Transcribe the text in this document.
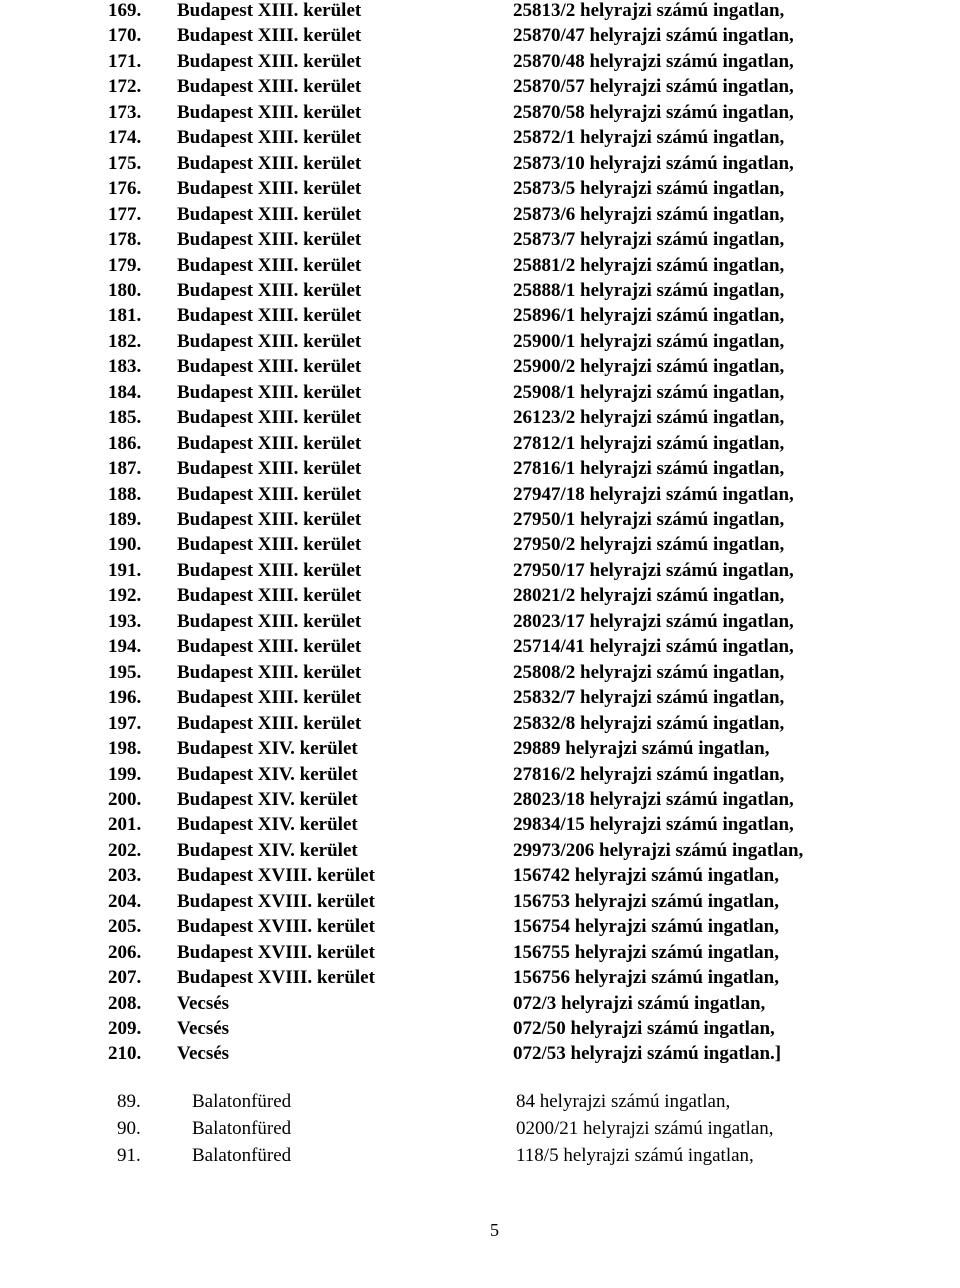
169. Budapest XIII. kerület	25813/2 helyrajzi számú ingatlan,
170. Budapest XIII. kerület	25870/47 helyrajzi számú ingatlan,
171. Budapest XIII. kerület	25870/48 helyrajzi számú ingatlan,
172. Budapest XIII. kerület	25870/57 helyrajzi számú ingatlan,
173. Budapest XIII. kerület	25870/58 helyrajzi számú ingatlan,
174. Budapest XIII. kerület	25872/1 helyrajzi számú ingatlan,
175. Budapest XIII. kerület	25873/10 helyrajzi számú ingatlan,
176. Budapest XIII. kerület	25873/5 helyrajzi számú ingatlan,
177. Budapest XIII. kerület	25873/6 helyrajzi számú ingatlan,
178. Budapest XIII. kerület	25873/7 helyrajzi számú ingatlan,
179. Budapest XIII. kerület	25881/2 helyrajzi számú ingatlan,
180. Budapest XIII. kerület	25888/1 helyrajzi számú ingatlan,
181. Budapest XIII. kerület	25896/1 helyrajzi számú ingatlan,
182. Budapest XIII. kerület	25900/1 helyrajzi számú ingatlan,
183. Budapest XIII. kerület	25900/2 helyrajzi számú ingatlan,
184. Budapest XIII. kerület	25908/1 helyrajzi számú ingatlan,
185. Budapest XIII. kerület	26123/2 helyrajzi számú ingatlan,
186. Budapest XIII. kerület	27812/1 helyrajzi számú ingatlan,
187. Budapest XIII. kerület	27816/1 helyrajzi számú ingatlan,
188. Budapest XIII. kerület	27947/18 helyrajzi számú ingatlan,
189. Budapest XIII. kerület	27950/1 helyrajzi számú ingatlan,
190. Budapest XIII. kerület	27950/2 helyrajzi számú ingatlan,
191. Budapest XIII. kerület	27950/17 helyrajzi számú ingatlan,
192. Budapest XIII. kerület	28021/2 helyrajzi számú ingatlan,
193. Budapest XIII. kerület	28023/17 helyrajzi számú ingatlan,
194. Budapest XIII. kerület	25714/41 helyrajzi számú ingatlan,
195. Budapest XIII. kerület	25808/2 helyrajzi számú ingatlan,
196. Budapest XIII. kerület	25832/7 helyrajzi számú ingatlan,
197. Budapest XIII. kerület	25832/8 helyrajzi számú ingatlan,
198. Budapest XIV. kerület	29889 helyrajzi számú ingatlan,
199. Budapest XIV. kerület	27816/2 helyrajzi számú ingatlan,
200. Budapest XIV. kerület	28023/18 helyrajzi számú ingatlan,
201. Budapest XIV. kerület	29834/15 helyrajzi számú ingatlan,
202. Budapest XIV. kerület	29973/206 helyrajzi számú ingatlan,
203. Budapest XVIII. kerület	156742 helyrajzi számú ingatlan,
204. Budapest XVIII. kerület	156753 helyrajzi számú ingatlan,
205. Budapest XVIII. kerület	156754 helyrajzi számú ingatlan,
206. Budapest XVIII. kerület	156755 helyrajzi számú ingatlan,
207. Budapest XVIII. kerület	156756 helyrajzi számú ingatlan,
208. Vecsés	072/3 helyrajzi számú ingatlan,
209. Vecsés	072/50 helyrajzi számú ingatlan,
210. Vecsés	072/53 helyrajzi számú ingatlan.]
89.	Balatonfüred	84 helyrajzi számú ingatlan,
90.	Balatonfüred	0200/21 helyrajzi számú ingatlan,
91.	Balatonfüred	118/5 helyrajzi számú ingatlan,
5
